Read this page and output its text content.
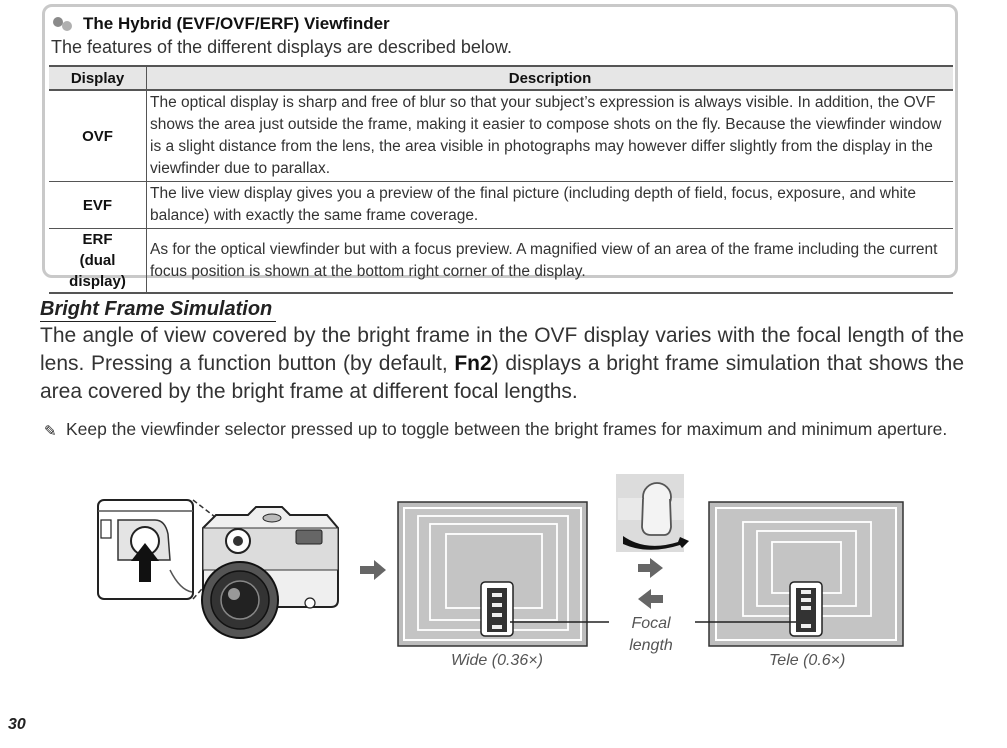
The Hybrid (EVF/OVF/ERF) Viewfinder
The features of the different displays are described below.
Display	Description
OVF	The optical display is sharp and free of blur so that your subject’s expression is always visible. In addition, the OVF shows the area just outside the frame, making it easier to compose shots on the fly. Because the viewfinder window is a slight distance from the lens, the area visible in photographs may however differ slightly from the display in the viewfinder due to parallax.
EVF	The live view display gives you a preview of the final picture (including depth of field, focus, exposure, and white balance) with exactly the same frame coverage.

ERF
(dual display)	As for the optical viewfinder but with a focus preview. A magnified view of an area of the frame including the current focus position is shown at the bottom right corner of the display.
Bright Frame Simulation
The angle of view covered by the bright frame in the OVF display varies with the focal length of the lens. Pressing a function button (by default, Fn2) displays a bright frame simulation that shows the area covered by the bright frame at different focal lengths.
✎ Keep the viewfinder selector pressed up to toggle between the bright frames for maximum and minimum aperture.
Focal
length
Wide (0.36×)	Tele (0.6×)
30
